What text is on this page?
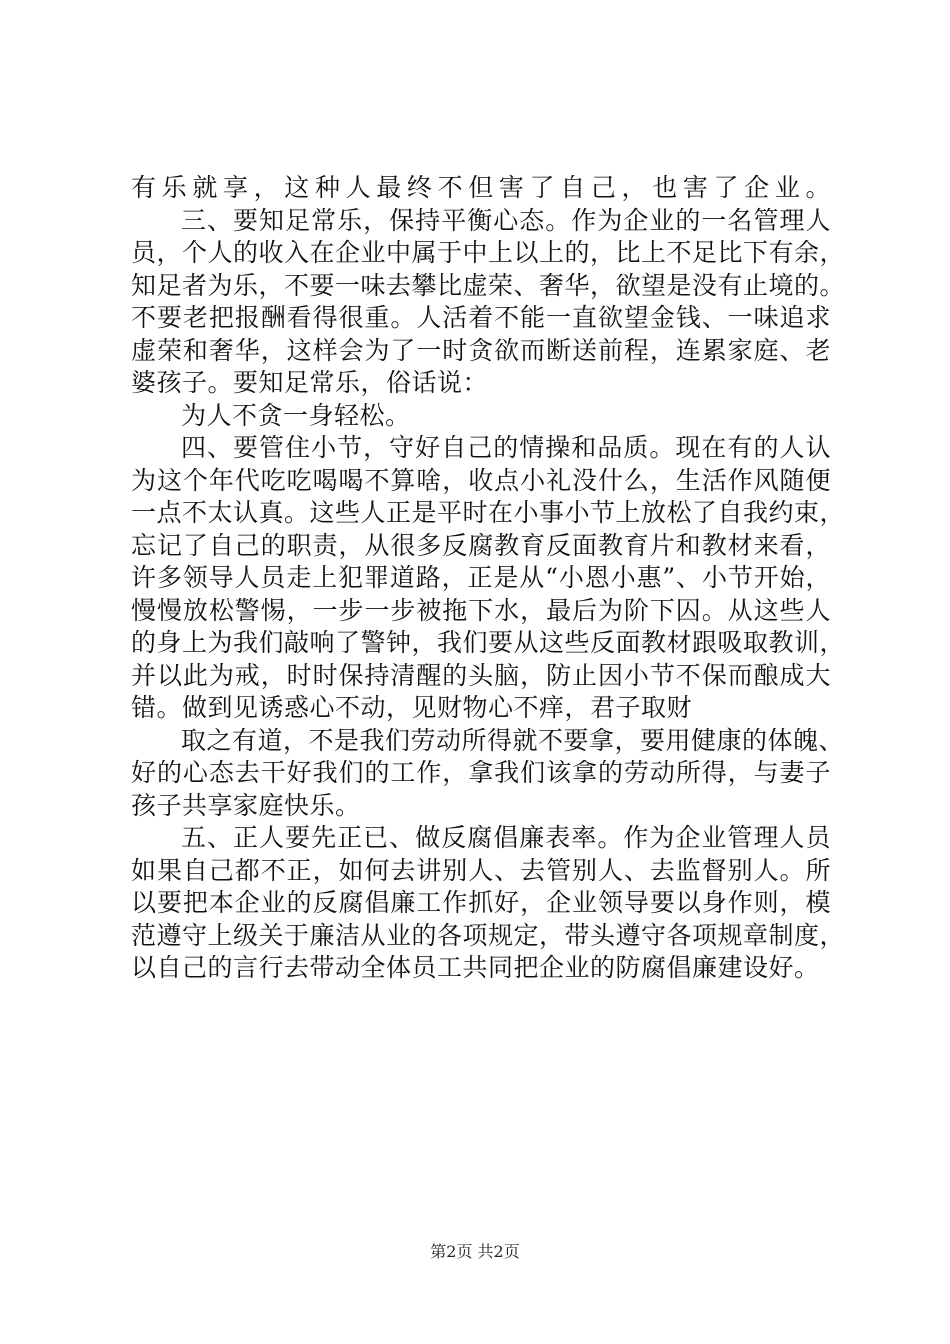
有乐就享，这种人最终不但害了自己，也害了企业。
三、要知足常乐，保持平衡心态。作为企业的一名管理人
员，个人的收入在企业中属于中上以上的，比上不足比下有余，
知足者为乐，不要一味去攀比虚荣、奢华，欲望是没有止境的。
不要老把报酬看得很重。人活着不能一直欲望金钱、一味追求
虚荣和奢华，这样会为了一时贪欲而断送前程，连累家庭、老
婆孩子。要知足常乐，俗话说：
为人不贪一身轻松。
四、要管住小节，守好自己的情操和品质。现在有的人认
为这个年代吃吃喝喝不算啥，收点小礼没什么，生活作风随便
一点不太认真。这些人正是平时在小事小节上放松了自我约束，
忘记了自己的职责，从很多反腐教育反面教育片和教材来看，
许多领导人员走上犯罪道路，正是从“小恩小惠”、小节开始，
慢慢放松警惕，一步一步被拖下水，最后为阶下囚。从这些人
的身上为我们敲响了警钟，我们要从这些反面教材跟吸取教训，
并以此为戒，时时保持清醒的头脑，防止因小节不保而酿成大
错。做到见诱惑心不动，见财物心不痒，君子取财
取之有道，不是我们劳动所得就不要拿，要用健康的体魄、
好的心态去干好我们的工作，拿我们该拿的劳动所得，与妻子
孩子共享家庭快乐。
五、正人要先正已、做反腐倡廉表率。作为企业管理人员
如果自己都不正，如何去讲别人、去管别人、去监督别人。所
以要把本企业的反腐倡廉工作抓好，企业领导要以身作则，模
范遵守上级关于廉洁从业的各项规定，带头遵守各项规章制度，
以自己的言行去带动全体员工共同把企业的防腐倡廉建设好。
第2页 共2页
